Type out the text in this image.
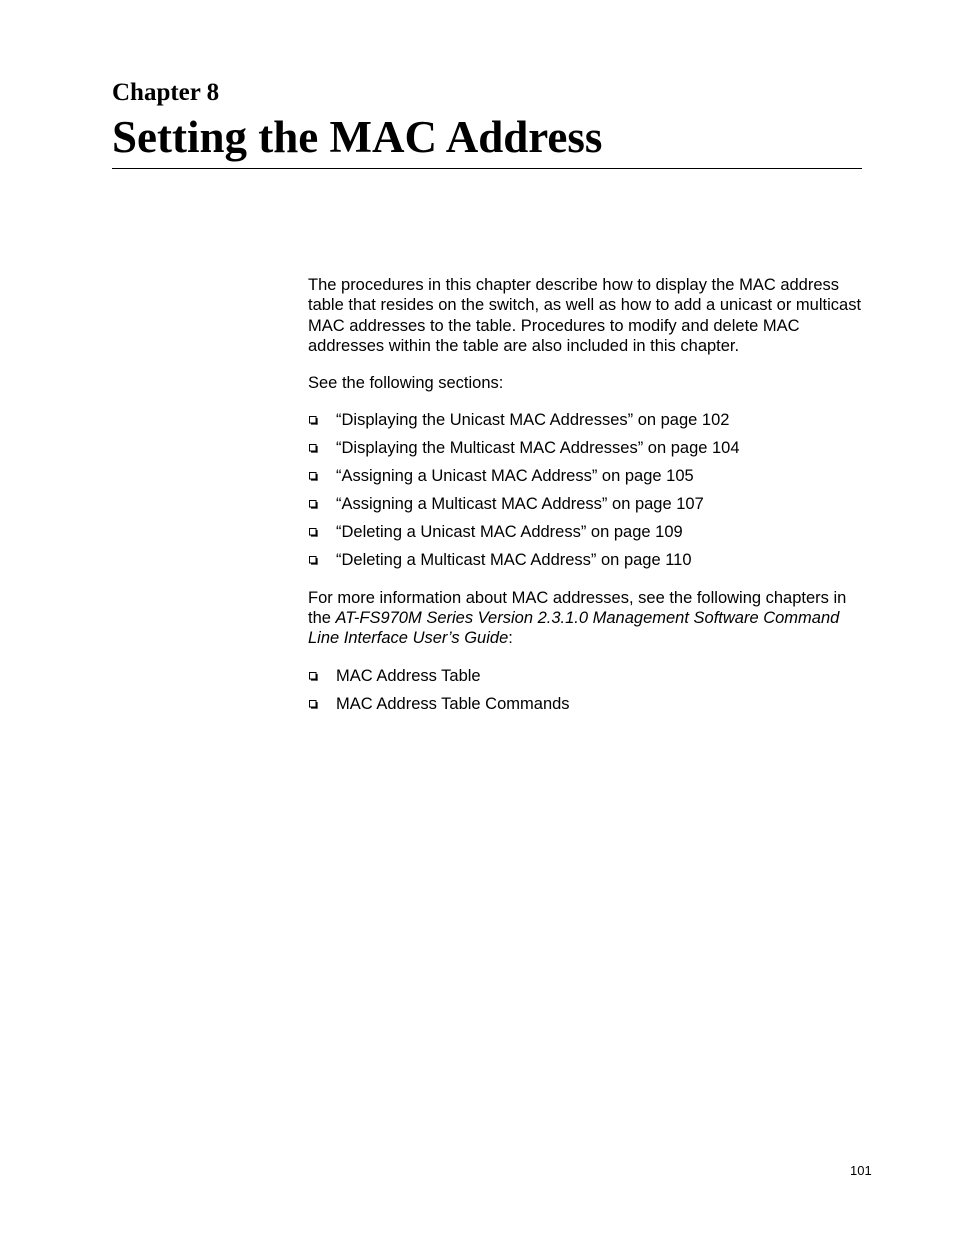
Chapter 8
Setting the MAC Address

The procedures in this chapter describe how to display the MAC address table that resides on the switch, as well as how to add a unicast or multicast MAC addresses to the table. Procedures to modify and delete MAC addresses within the table are also included in this chapter.

See the following sections:

“Displaying the Unicast MAC Addresses” on page 102
“Displaying the Multicast MAC Addresses” on page 104
“Assigning a Unicast MAC Address” on page 105
“Assigning a Multicast MAC Address” on page 107
“Deleting a Unicast MAC Address” on page 109
“Deleting a Multicast MAC Address” on page 110

For more information about MAC addresses, see the following chapters in the AT-FS970M Series Version 2.3.1.0 Management Software Command Line Interface User’s Guide:

MAC Address Table
MAC Address Table Commands
101
